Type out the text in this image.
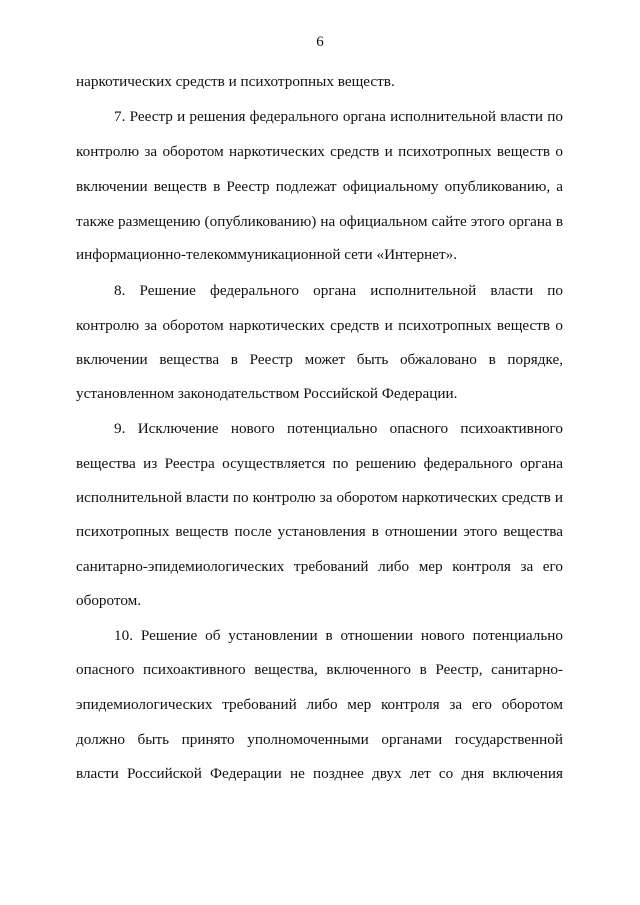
6
наркотических средств и психотропных веществ.
7. Реестр и решения федерального органа исполнительной власти по
контролю за оборотом наркотических средств и психотропных веществ о
включении веществ в Реестр подлежат официальному опубликованию, а
также размещению (опубликованию) на официальном сайте этого органа в
информационно-телекоммуникационной сети «Интернет».
8. Решение федерального органа исполнительной власти по
контролю за оборотом наркотических средств и психотропных веществ о
включении вещества в Реестр может быть обжаловано в порядке,
установленном законодательством Российской Федерации.
9. Исключение нового потенциально опасного психоактивного
вещества из Реестра осуществляется по решению федерального органа
исполнительной власти по контролю за оборотом наркотических средств и
психотропных веществ после установления в отношении этого вещества
санитарно-эпидемиологических требований либо мер контроля за его
оборотом.
10. Решение об установлении в отношении нового потенциально
опасного психоактивного вещества, включенного в Реестр, санитарно-
эпидемиологических требований либо мер контроля за его оборотом
должно быть принято уполномоченными органами государственной
власти Российской Федерации не позднее двух лет со дня включения
